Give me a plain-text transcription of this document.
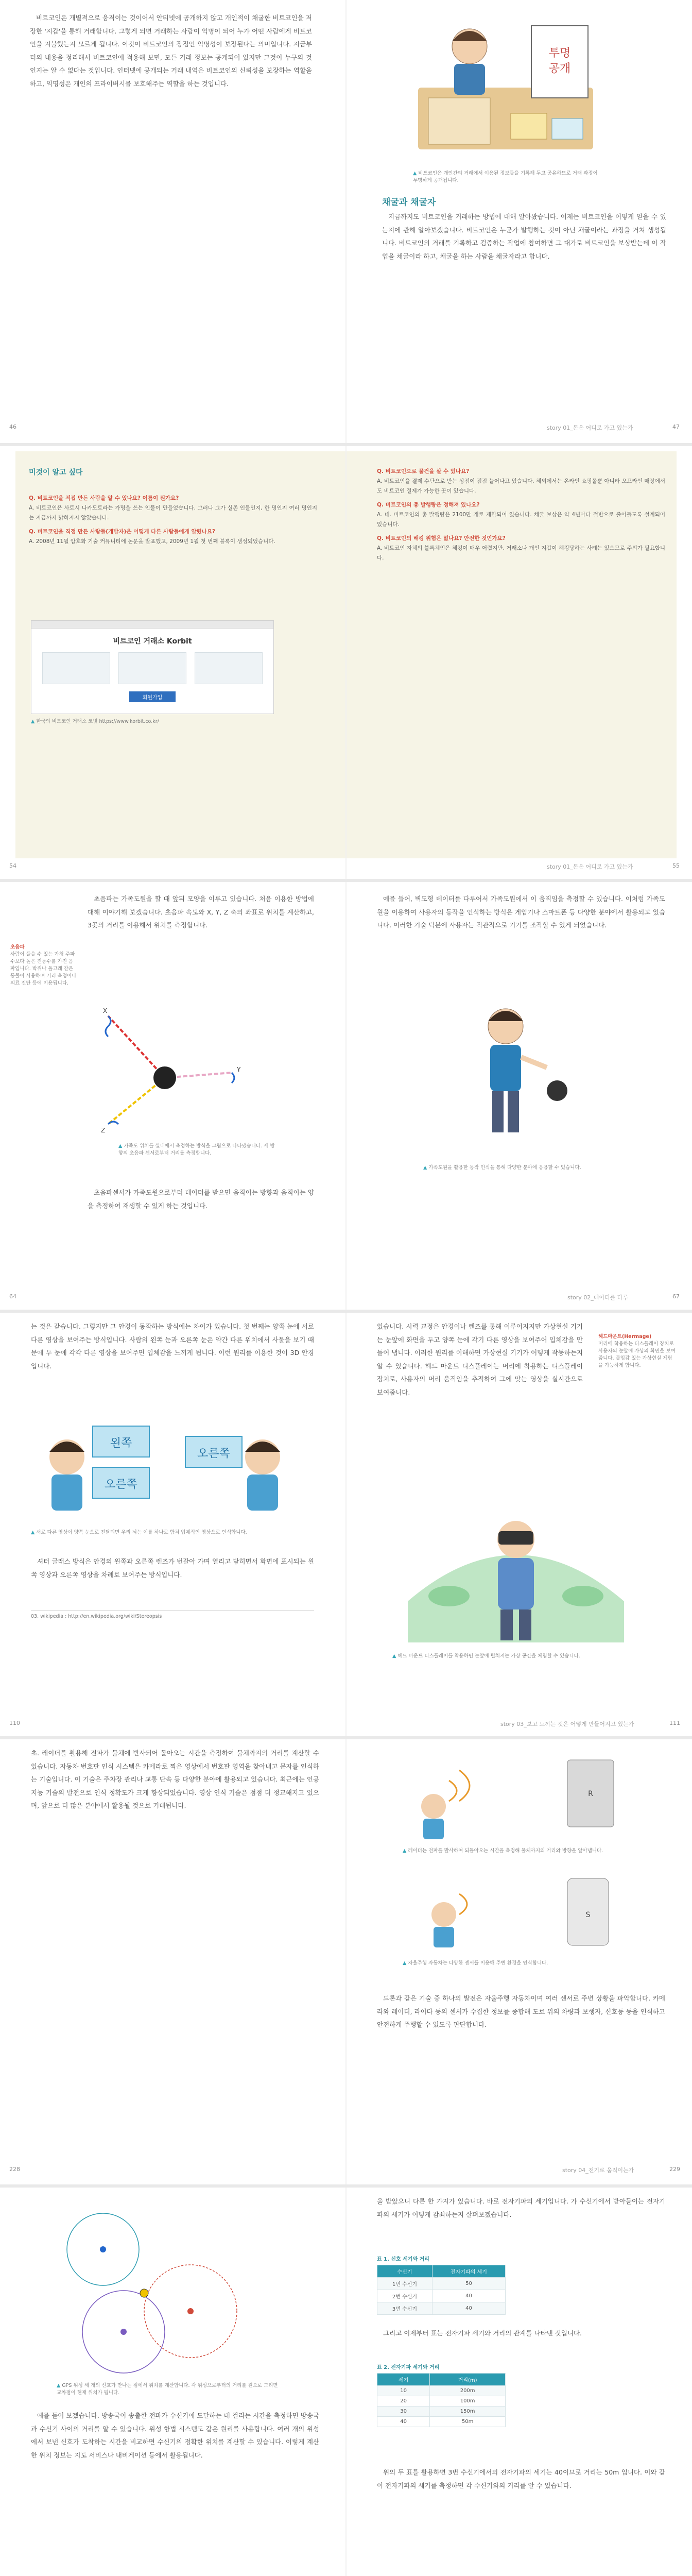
비트코인은 개별적으로 움직이는 것이어서 안티넷에 공개하지 않고 개인적이 채굴한 비트코인을 저장한 '지갑'을 통해 거래합니다. 그렇게 되면 거래하는 사람이 익명이 되어 누가 어떤 사람에게 비트코인을 지불했는지 모르게 됩니다. 이것이 비트코인의 장점인 익명성이 보장된다는 의미입니다. 지금부터의 내용을 정리해서 비트코인에 적용해 보면, 모든 거래 정보는 공개되어 있지만 그것이 누구의 것인지는 알 수 없다는 것입니다. 인터넷에 공개되는 거래 내역은 비트코인의 신뢰성을 보장하는 역할을 하고, 익명성은 개인의 프라이버시를 보호해주는 역할을 하는 것입니다.
46
투명
공개
▲ 비트코인은 개인간의 거래에서 이용된 정보들을 기록해 두고 공유하므로 거래 과정이 투명하게 공개됩니다.
채굴과 채굴자
지금까지도 비트코인을 거래하는 방법에 대해 알아봤습니다. 이제는 비트코인을 어떻게 얻을 수 있는지에 관해 알아보겠습니다. 비트코인은 누군가 발행하는 것이 아닌 채굴이라는 과정을 거쳐 생성됩니다. 비트코인의 거래를 기록하고 검증하는 작업에 참여하면 그 대가로 비트코인을 보상받는데 이 작업을 채굴이라 하고, 채굴을 하는 사람을 채굴자라고 합니다.
story 01_돈은 어디로 가고 있는가	47
미것이 알고 싶다

Q. 비트코인을 직접 만든 사람을 알 수 있나요? 이름이 뭔가요?
A. 비트코인은 사토시 나카모토라는 가명을 쓰는 인물이 만들었습니다. 그러나 그가 실존 인물인지, 한 명인지 여러 명인지는 지금까지 밝혀지지 않았습니다.

Q. 비트코인을 직접 만든 사람들(개발자)은 어떻게 다른 사람들에게 알렸나요?
A. 2008년 11월 암호화 기술 커뮤니티에 논문을 발표했고, 2009년 1월 첫 번째 블록이 생성되었습니다.

비트코인 거래소 Korbit
회원가입
▲ 한국의 비트코인 거래소 코빗 https://www.korbit.co.kr/
54

Q. 비트코인으로 물건을 살 수 있나요?
A. 비트코인을 결제 수단으로 받는 상점이 점점 늘어나고 있습니다. 해외에서는 온라인 쇼핑몰뿐 아니라 오프라인 매장에서도 비트코인 결제가 가능한 곳이 있습니다.

Q. 비트코인의 총 발행량은 정해져 있나요?
A. 네. 비트코인의 총 발행량은 2100만 개로 제한되어 있습니다. 채굴 보상은 약 4년마다 절반으로 줄어들도록 설계되어 있습니다.

Q. 비트코인의 해킹 위험은 없나요? 안전한 것인가요?
A. 비트코인 자체의 블록체인은 해킹이 매우 어렵지만, 거래소나 개인 지갑이 해킹당하는 사례는 있으므로 주의가 필요합니다.

story 01_돈은 어디로 가고 있는가	55
초음파
사람이 들을 수 있는 가청 주파수보다 높은 진동수를 가진 음파입니다. 박쥐나 돌고래 같은 동물이 사용하며 거리 측정이나 의료 진단 등에 이용됩니다.
초음파는 가족도원을 할 때 앞뒤 모양을 이루고 있습니다. 처음 이용한 방법에 대해 이야기해 보겠습니다. 초음파 속도와 X, Y, Z 축의 좌표로 위치를 계산하고, 3곳의 거리를 이용해서 위치를 측정합니다.
X
Y
Z
▲ 가족도 위치를 실내에서 측정하는 방식을 그림으로 나타냈습니다. 세 방향의 초음파 센서로부터 거리를 측정합니다.
초음파센서가 가족도원으로부터 데이터를 받으면 움직이는 방향과 움직이는 양을 측정하여 재생할 수 있게 하는 것입니다.
64
예를 들어, 벽도형 데이터를 다루어서 가족도원에서 이 움직임을 측정할 수 있습니다. 이처럼 가족도원을 이용하여 사용자의 동작을 인식하는 방식은 게임기나 스마트폰 등 다양한 분야에서 활용되고 있습니다. 이러한 기술 덕분에 사용자는 직관적으로 기기를 조작할 수 있게 되었습니다.
▲ 가족도원을 활용한 동작 인식을 통해 다양한 분야에 응용할 수 있습니다.
story 02_데이터를 다루	67
는 것은 같습니다. 그렇지만 그 안경이 동작하는 방식에는 차이가 있습니다. 첫 번째는 양쪽 눈에 서로 다른 영상을 보여주는 방식입니다. 사람의 왼쪽 눈과 오른쪽 눈은 약간 다른 위치에서 사물을 보기 때문에 두 눈에 각각 다른 영상을 보여주면 입체감을 느끼게 됩니다. 이런 원리를 이용한 것이 3D 안경입니다.
왼쪽
오른쪽
오른쪽
▲ 서로 다른 영상이 양쪽 눈으로 전달되면 우리 뇌는 이를 하나로 합쳐 입체적인 영상으로 인식합니다.
셔터 글래스 방식은 안경의 왼쪽과 오른쪽 렌즈가 번갈아 가며 열리고 닫히면서 화면에 표시되는 왼쪽 영상과 오른쪽 영상을 차례로 보여주는 방식입니다.
03. wikipedia : http://en.wikipedia.org/wiki/Stereopsis
110
있습니다. 시력 교정은 안경이나 렌즈를 통해 이루어지지만 가상현실 기기는 눈앞에 화면을 두고 양쪽 눈에 각기 다른 영상을 보여주어 입체감을 만들어 냅니다. 이러한 원리를 이해하면 가상현실 기기가 어떻게 작동하는지 알 수 있습니다. 헤드 마운트 디스플레이는 머리에 착용하는 디스플레이 장치로, 사용자의 머리 움직임을 추적하여 그에 맞는 영상을 실시간으로 보여줍니다.
헤드마운트(Hermage)
머리에 착용하는 디스플레이 장치로 사용자의 눈앞에 가상의 화면을 보여줍니다. 몰입감 있는 가상현실 체험을 가능하게 합니다.
▲ 헤드 마운트 디스플레이를 착용하면 눈앞에 펼쳐지는 가상 공간을 체험할 수 있습니다.
story 03_보고 느끼는 것은 어떻게 만들어지고 있는가	111
초. 레이더를 활용해 전파가 물체에 반사되어 돌아오는 시간을 측정하여 물체까지의 거리를 계산할 수 있습니다. 자동차 번호판 인식 시스템은 카메라로 찍은 영상에서 번호판 영역을 찾아내고 문자를 인식하는 기술입니다. 이 기술은 주차장 관리나 교통 단속 등 다양한 분야에 활용되고 있습니다. 최근에는 인공지능 기술의 발전으로 인식 정확도가 크게 향상되었습니다. 영상 인식 기술은 점점 더 정교해지고 있으며, 앞으로 더 많은 분야에서 활용될 것으로 기대됩니다.
228
R
▲ 레이더는 전파를 발사하여 되돌아오는 시간을 측정해 물체까지의 거리와 방향을 알아냅니다.
S
▲ 자율주행 자동차는 다양한 센서를 이용해 주변 환경을 인식합니다.
드론과 같은 기술 중 하나의 발전은 자율주행 자동차이며 여러 센서로 주변 상황을 파악합니다. 카메라와 레이더, 라이다 등의 센서가 수집한 정보를 종합해 도로 위의 차량과 보행자, 신호등 등을 인식하고 안전하게 주행할 수 있도록 판단합니다.
story 04_전기로 움직이는가	229
▲ GPS 위성 세 개의 신호가 만나는 점에서 위치를 계산합니다. 각 위성으로부터의 거리를 원으로 그리면 교차점이 현재 위치가 됩니다.
예를 들어 보겠습니다. 방송국이 송출한 전파가 수신기에 도달하는 데 걸리는 시간을 측정하면 방송국과 수신기 사이의 거리를 알 수 있습니다. 위성 항법 시스템도 같은 원리를 사용합니다. 여러 개의 위성에서 보낸 신호가 도착하는 시간을 비교하면 수신기의 정확한 위치를 계산할 수 있습니다. 이렇게 계산한 위치 정보는 지도 서비스나 내비게이션 등에서 활용됩니다.
을 받았으니 다른 한 가지가 있습니다. 바로 전자기파의 세기입니다. 가 수신기에서 받아들이는 전자기파의 세기가 어떻게 감쇠하는지 살펴보겠습니다.
표 1. 신호 세기와 거리
수신기	전자기파의 세기
1번 수신기	50
2번 수신기	40
3번 수신기	40
그리고 이제부터 표는 전자기파 세기와 거리의 관계를 나타낸 것입니다.
표 2. 전자기파 세기와 거리
세기	거리(m)
10	200m
20	100m
30	150m
40	50m
위의 두 표를 활용하면 3번 수신기에서의 전자기파의 세기는 40이므로 거리는 50m 입니다. 이와 같이 전자기파의 세기를 측정하면 각 수신기와의 거리를 알 수 있습니다.
